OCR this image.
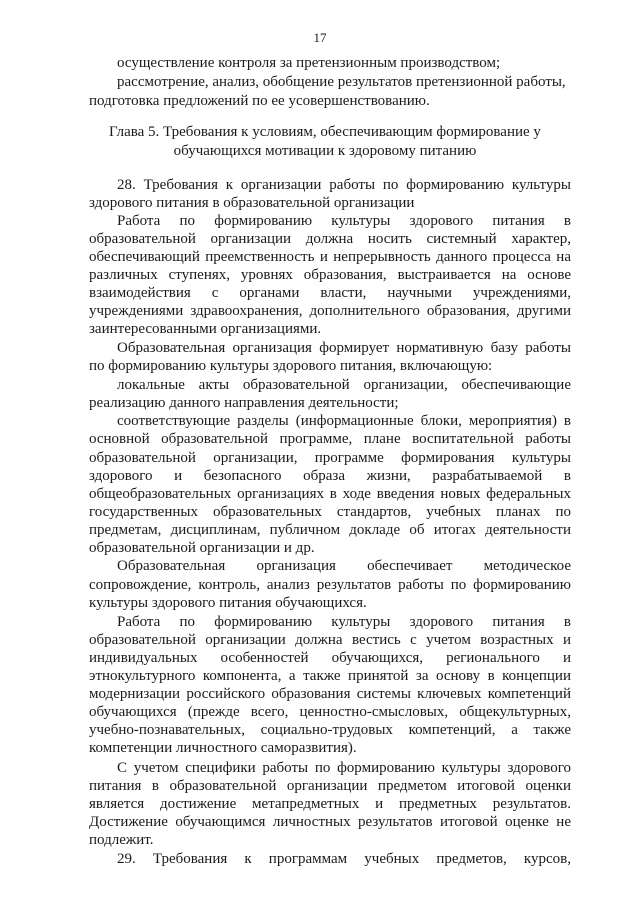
17
осуществление контроля за претензионным производством;
рассмотрение, анализ, обобщение результатов претензионной работы,
подготовка предложений по ее усовершенствованию.
Глава 5. Требования к условиям, обеспечивающим формирование у
обучающихся мотивации к здоровому питанию
28. Требования к организации работы по формированию культуры
здорового питания в образовательной организации
Работа по формированию культуры здорового питания в
образовательной организации должна носить системный характер,
обеспечивающий преемственность и непрерывность данного процесса на
различных ступенях, уровнях образования, выстраивается на основе
взаимодействия с органами власти, научными учреждениями,
учреждениями здравоохранения, дополнительного образования, другими
заинтересованными организациями.
Образовательная организация формирует нормативную базу работы
по формированию культуры здорового питания, включающую:
локальные акты образовательной организации, обеспечивающие
реализацию данного направления деятельности;
соответствующие разделы (информационные блоки, мероприятия) в
основной образовательной программе, плане воспитательной работы
образовательной организации, программе формирования культуры
здорового и безопасного образа жизни, разрабатываемой в
общеобразовательных организациях в ходе введения новых федеральных
государственных образовательных стандартов, учебных планах по
предметам, дисциплинам, публичном докладе об итогах деятельности
образовательной организации и др.
Образовательная организация обеспечивает методическое
сопровождение, контроль, анализ результатов работы по формированию
культуры здорового питания обучающихся.
Работа по формированию культуры здорового питания в
образовательной организации должна вестись с учетом возрастных и
индивидуальных особенностей обучающихся, регионального и
этнокультурного компонента, а также принятой за основу в концепции
модернизации российского образования системы ключевых компетенций
обучающихся (прежде всего, ценностно-смысловых, общекультурных,
учебно-познавательных, социально-трудовых компетенций, а также
компетенции личностного саморазвития).
С учетом специфики работы по формированию культуры здорового
питания в образовательной организации предметом итоговой оценки
является достижение метапредметных и предметных результатов.
Достижение обучающимся личностных результатов итоговой оценке не
подлежит.
29. Требования к программам учебных предметов, курсов,
